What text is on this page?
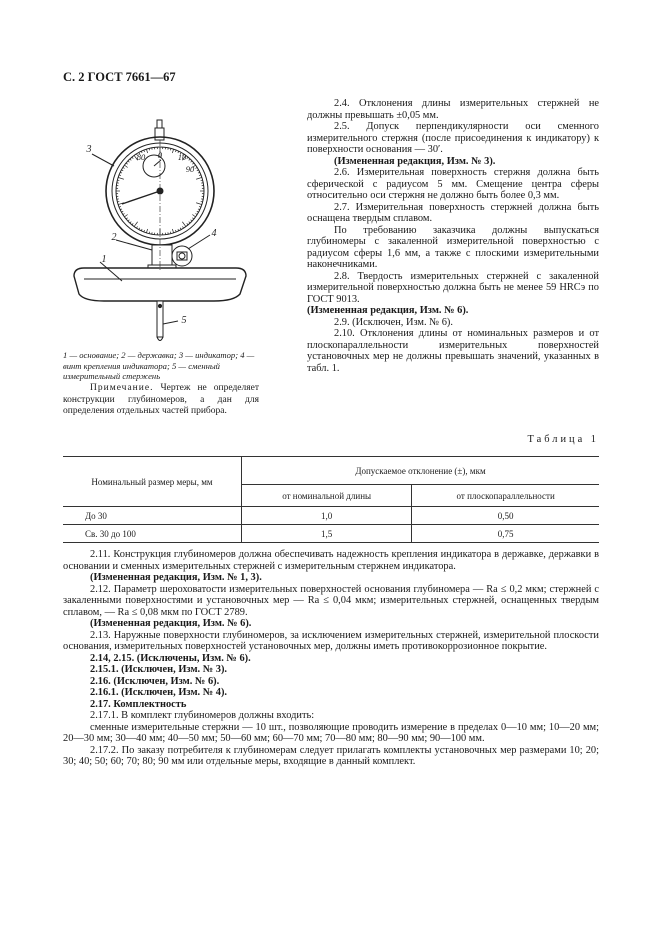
С. 2 ГОСТ 7661—67
0 10
90
80
3
2	4
1
5
1 — основание; 2 — державка; 3 — индикатор; 4 — винт крепления индикатора; 5 — сменный измерительный стержень
Примечание. Чертеж не определяет конструкции глубиномеров, а дан для определения отдельных частей прибора.

2.4. Отклонения длины измерительных стержней не должны превышать ±0,05 мм.

2.5. Допуск перпендикулярности оси сменного измерительного стержня (после присоединения к индикатору) к поверхности основания — 30′.

(Измененная редакция, Изм. № 3).

2.6. Измерительная поверхность стержня должна быть сферической с радиусом 5 мм. Смещение центра сферы относительно оси стержня не должно быть более 0,3 мм.

2.7. Измерительная поверхность стержней должна быть оснащена твердым сплавом.

По требованию заказчика должны выпускаться глубиномеры с закаленной измерительной поверхностью с радиусом сферы 1,6 мм, а также с плоскими измерительными наконечниками.

2.8. Твердость измерительных стержней с закаленной измерительной поверхностью должна быть не менее 59 HRCэ по ГОСТ 9013.

(Измененная редакция, Изм. № 6).

2.9. (Исключен, Изм. № 6).

2.10. Отклонения длины от номинальных размеров и от плоскопараллельности измерительных поверхностей установочных мер не должны превышать значений, указанных в табл. 1.

Таблица 1
Номинальный размер меры, мм	Допускаемое отклонение (±), мкм	
	от номинальной длины	от плоскопараллельности
До 30	1,0	0,50
Св. 30 до 100	1,5	0,75

2.11. Конструкция глубиномеров должна обеспечивать надежность крепления индикатора в державке, державки в основании и сменных измерительных стержней с измерительным стержнем индикатора.

(Измененная редакция, Изм. № 1, 3).

2.12. Параметр шероховатости измерительных поверхностей основания глубиномера — Ra ≤ 0,2 мкм; стержней с закаленными поверхностями и установочных мер — Ra ≤ 0,04 мкм; измерительных стержней, оснащенных твердым сплавом, — Ra ≤ 0,08 мкм по ГОСТ 2789.

(Измененная редакция, Изм. № 6).

2.13. Наружные поверхности глубиномеров, за исключением измерительных стержней, измерительной плоскости основания, измерительных поверхностей установочных мер, должны иметь противокоррозионное покрытие.

2.14, 2.15. (Исключены, Изм. № 6).

2.15.1. (Исключен, Изм. № 3).

2.16. (Исключен, Изм. № 6).

2.16.1. (Исключен, Изм. № 4).

2.17. Комплектность

2.17.1. В комплект глубиномеров должны входить:

сменные измерительные стержни — 10 шт., позволяющие проводить измерение в пределах 0—10 мм; 10—20 мм; 20—30 мм; 30—40 мм; 40—50 мм; 50—60 мм; 60—70 мм; 70—80 мм; 80—90 мм; 90—100 мм.

2.17.2. По заказу потребителя к глубиномерам следует прилагать комплекты установочных мер размерами 10; 20; 30; 40; 50; 60; 70; 80; 90 мм или отдельные меры, входящие в данный комплект.
